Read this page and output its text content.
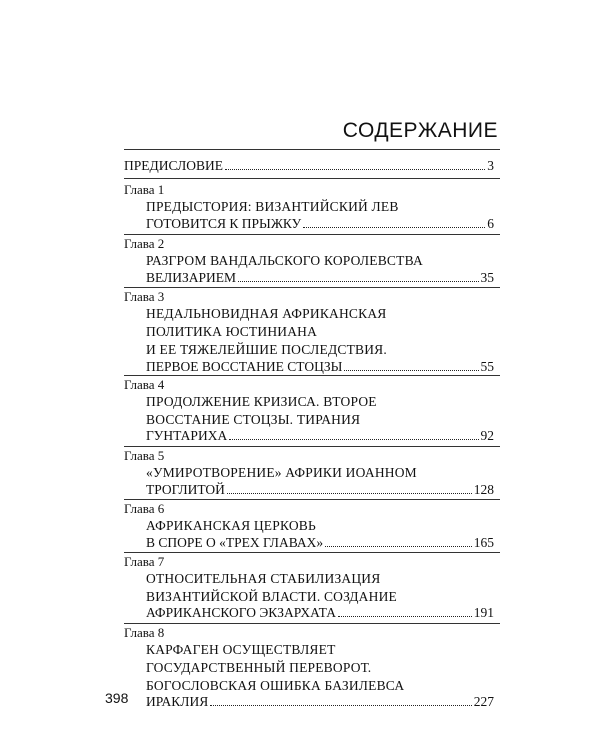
СОДЕРЖАНИЕ
ПРЕДИСЛОВИЕ	3
Глава 1
ПРЕДЫСТОРИЯ: ВИЗАНТИЙСКИЙ ЛЕВ
ГОТОВИТСЯ К ПРЫЖКУ	6
Глава 2
РАЗГРОМ ВАНДАЛЬСКОГО КОРОЛЕВСТВА
ВЕЛИЗАРИЕМ	35
Глава 3
НЕДАЛЬНОВИДНАЯ АФРИКАНСКАЯ
ПОЛИТИКА ЮСТИНИАНА
И ЕЕ ТЯЖЕЛЕЙШИЕ ПОСЛЕДСТВИЯ.
ПЕРВОЕ ВОССТАНИЕ СТОЦЗЫ	55
Глава 4
ПРОДОЛЖЕНИЕ КРИЗИСА. ВТОРОЕ
ВОССТАНИЕ СТОЦЗЫ. ТИРАНИЯ
ГУНТАРИХА	92
Глава 5
«УМИРОТВОРЕНИЕ» АФРИКИ ИОАННОМ
ТРОГЛИТОЙ	128
Глава 6
АФРИКАНСКАЯ ЦЕРКОВЬ
В СПОРЕ О «ТРЕХ ГЛАВАХ»	165
Глава 7
ОТНОСИТЕЛЬНАЯ СТАБИЛИЗАЦИЯ
ВИЗАНТИЙСКОЙ ВЛАСТИ. СОЗДАНИЕ
АФРИКАНСКОГО ЭКЗАРХАТА	191
Глава 8
КАРФАГЕН ОСУЩЕСТВЛЯЕТ
ГОСУДАРСТВЕННЫЙ ПЕРЕВОРОТ.
БОГОСЛОВСКАЯ ОШИБКА БАЗИЛЕВСА
ИРАКЛИЯ	227
398
